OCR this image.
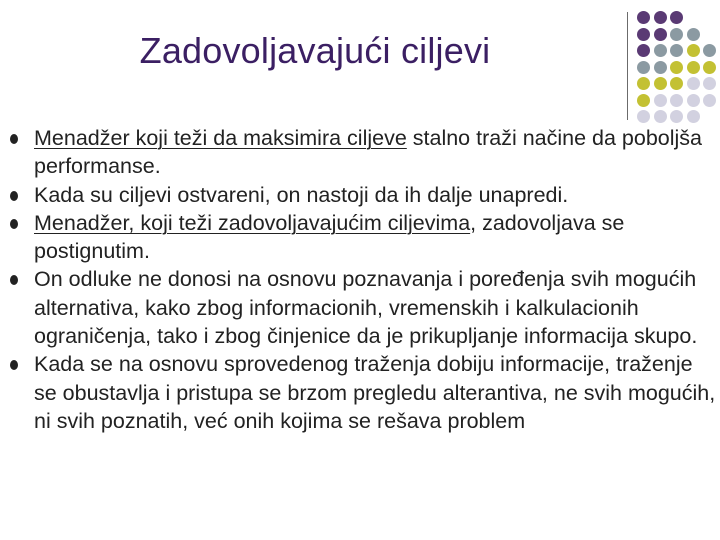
Zadovoljavajući ciljevi
Menadžer koji teži da maksimira ciljeve stalno traži načine da poboljša performanse.
Kada su ciljevi ostvareni, on nastoji da ih dalje unapredi.
Menadžer, koji teži zadovoljavajućim ciljevima, zadovoljava se postignutim.
On odluke ne donosi na osnovu poznavanja i poređenja svih mogućih alternativa, kako zbog informacionih, vremenskih i kalkulacionih ograničenja, tako i zbog činjenice da je prikupljanje informacija skupo.
Kada se na osnovu sprovedenog traženja dobiju informacije, traženje se obustavlja i pristupa se brzom pregledu alterantiva, ne svih mogućih, ni svih poznatih, već onih kojima se rešava problem
